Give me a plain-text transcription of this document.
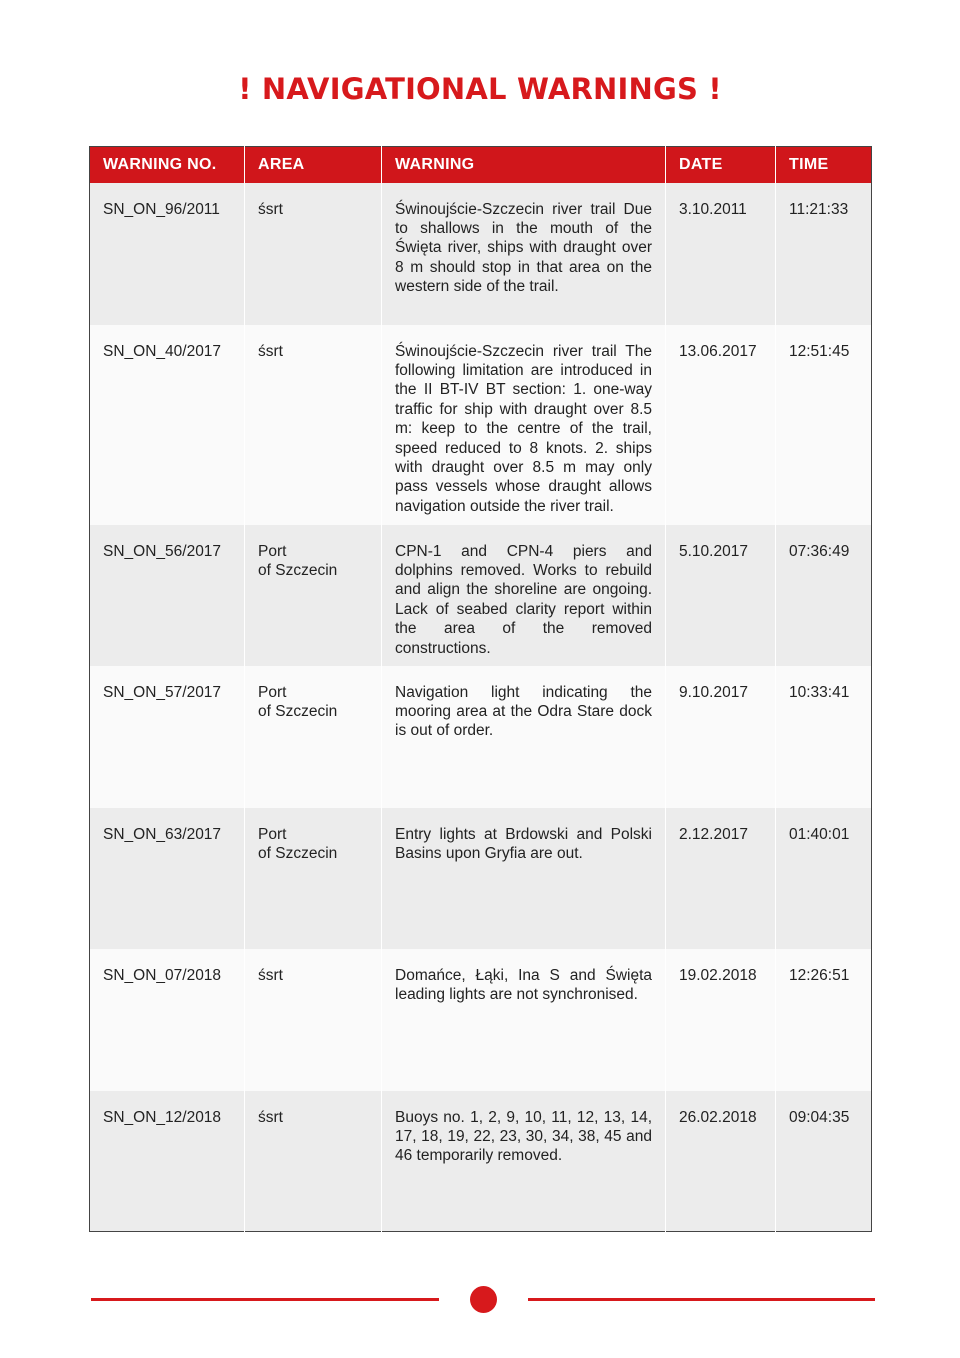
! NAVIGATIONAL WARNINGS !
WARNING NO.	AREA	WARNING	DATE	TIME
SN_ON_96/2011	śsrt	Świnoujście-Szczecin river trail Due to shallows in the mouth of the Święta river, ships with draught over 8 m should stop in that area on the western side of the trail.	3.10.2011	11:21:33
SN_ON_40/2017	śsrt	Świnoujście-Szczecin river trail The following limitation are introduced in the II BT-IV BT section: 1. one-way traffic for ship with draught over 8.5 m: keep to the centre of the trail, speed reduced to 8 knots. 2. ships with draught over 8.5 m may only pass vessels whose draught allows navigation outside the river trail.	13.06.2017	12:51:45
SN_ON_56/2017	Port
of Szczecin	CPN-1 and CPN-4 piers and dolphins removed. Works to rebuild and align the shoreline are ongoing. Lack of seabed clarity report within the area of the removed constructions.	5.10.2017	07:36:49
SN_ON_57/2017	Port
of Szczecin	Navigation light indicating the mooring area at the Odra Stare dock is out of order.	9.10.2017	10:33:41
SN_ON_63/2017	Port
of Szczecin	Entry lights at Brdowski and Polski Basins upon Gryfia are out.	2.12.2017	01:40:01
SN_ON_07/2018	śsrt	Domańce, Łąki, Ina S and Święta leading lights are not synchronised.	19.02.2018	12:26:51
SN_ON_12/2018	śsrt	Buoys no. 1, 2, 9, 10, 11, 12, 13, 14, 17, 18, 19, 22, 23, 30, 34, 38, 45 and 46 temporarily removed.	26.02.2018	09:04:35
